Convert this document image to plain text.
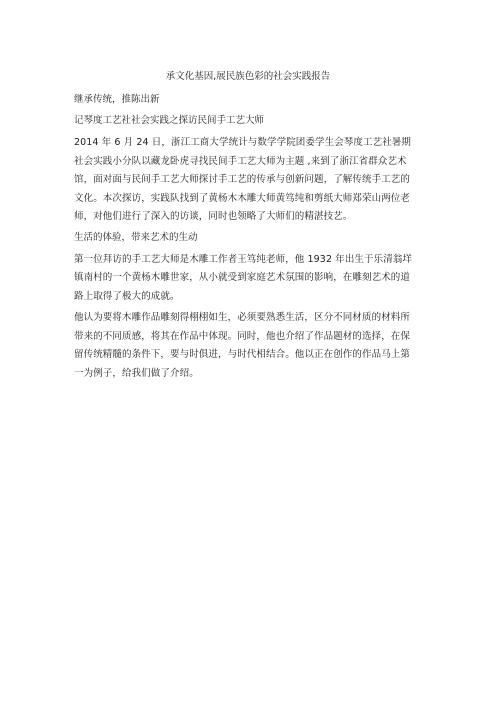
承文化基因,展民族色彩的社会实践报告
继承传统，推陈出新
记琴度工艺社社会实践之探访民间手工艺大师
2014 年 6 月 24 日，浙江工商大学统计与数学学院团委学生会琴度工艺社暑期
社会实践小分队以藏龙卧虎寻找民间手工艺大师为主题 ,来到了浙江省群众艺术
馆，面对面与民间手工艺大师探讨手工艺的传承与创新问题，了解传统手工艺的
文化。本次探访，实践队找到了黄杨木木雕大师黄笃纯和剪纸大师郑荣山两位老
师，对他们进行了深入的访谈，同时也领略了大师们的精湛技艺。
生活的体验，带来艺术的生动
第一位拜访的手工艺大师是木雕工作者王笃纯老师，他 1932 年出生于乐清翁垟
镇南村的一个黄杨木雕世家，从小就受到家庭艺术氛围的影响，在雕刻艺术的道
路上取得了极大的成就。
他认为要将木雕作品雕刻得栩栩如生，必须要熟悉生活，区分不同材质的材料所
带来的不同质感，将其在作品中体现。同时，他也介绍了作品题材的选择，在保
留传统精髓的条件下，要与时俱进，与时代相结合。他以正在创作的作品马上第
一为例子，给我们做了介绍。
